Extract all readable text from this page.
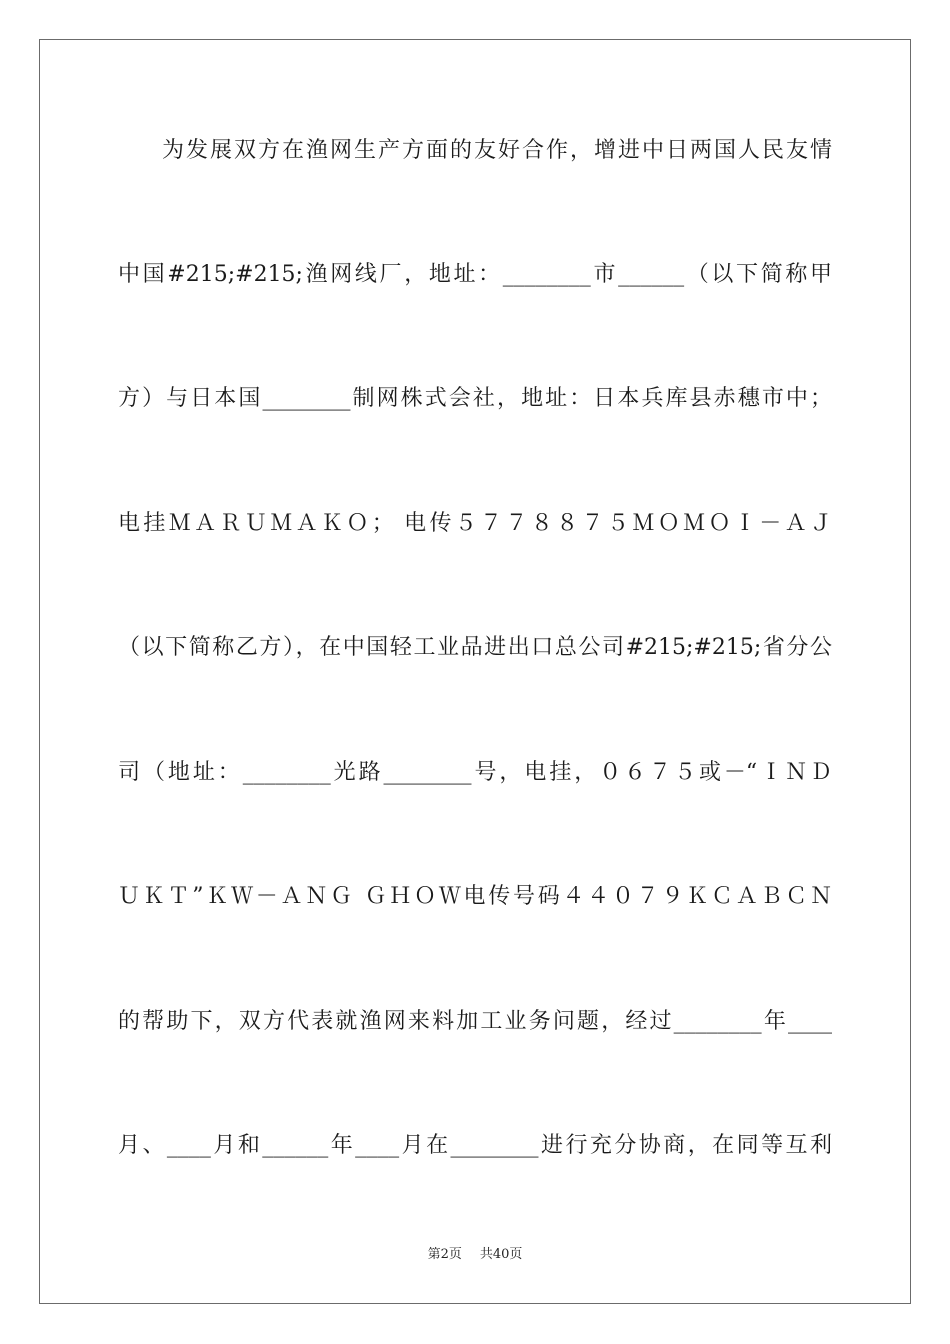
为发展双方在渔网生产方面的友好合作，增进中日两国人民友情
中国#215;#215;渔网线厂，地址：________市______（以下简称甲
方）与日本国________制网株式会社，地址：日本兵库县赤穗市中；
电挂ＭＡＲＵＭＡＫＯ； 电传５７７８８７５ＭＯＭＯＩ－ＡＪ
（以下简称乙方），在中国轻工业品进出口总公司#215;#215;省分公
司（地址：________光路________号，电挂，０６７５或－“ＩＮＤ
ＵＫＴ”ＫＷ－ＡＮＧ ＧＨＯＷ电传号码４４０７９ＫＣＡＢＣＮ
的帮助下，双方代表就渔网来料加工业务问题，经过________年____
月、____月和______年____月在________进行充分协商，在同等互利
第2页 共40页
